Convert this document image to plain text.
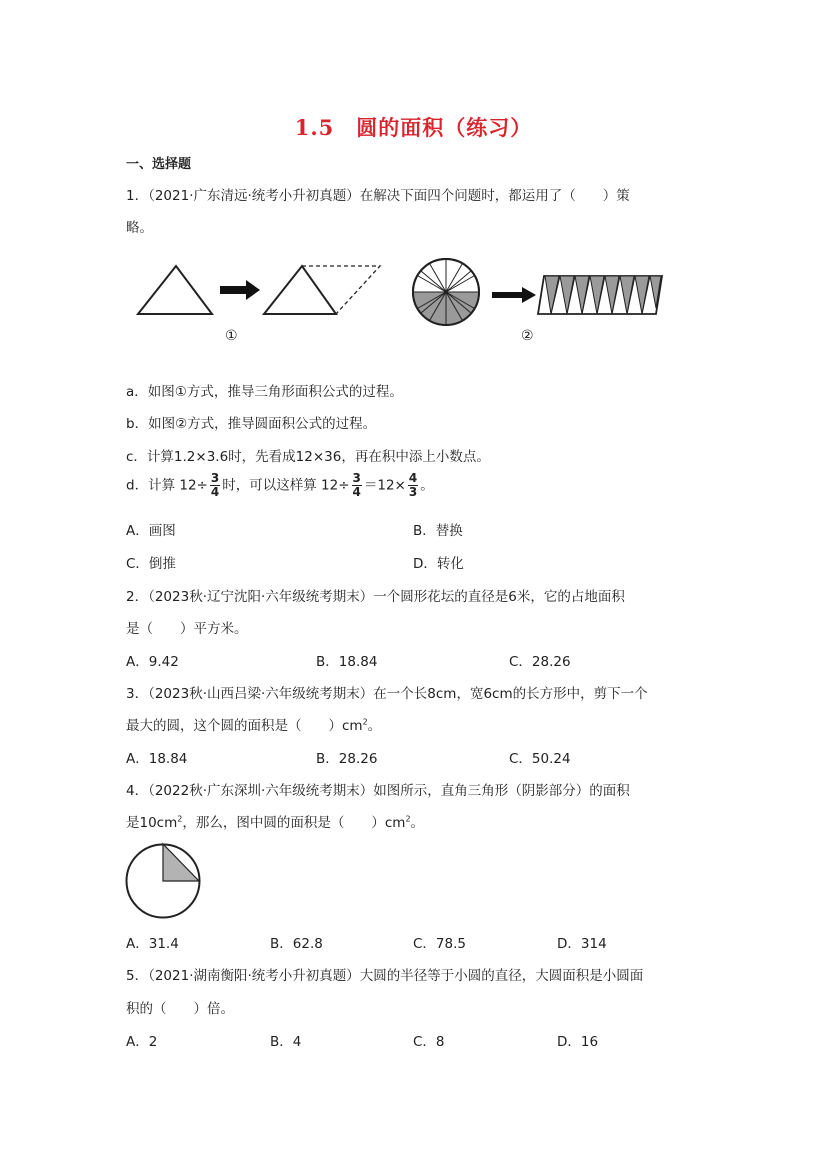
1.5　圆的面积（练习）
一、选择题
1．（2021·广东清远·统考小升初真题）在解决下面四个问题时，都运用了（　　）策
略。
①	②
a．如图①方式，推导三角形面积公式的过程。
b．如图②方式，推导圆面积公式的过程。
c．计算1.2×3.6时，先看成12×36，再在积中添上小数点。
d．计算 $12\div \frac{3}{4}$ 时，可以这样算 $12\div \frac{3}{4} =12\times \frac{4}{3}$ 。
A．画图	B．替换
C．倒推	D．转化
2．（2023秋·辽宁沈阳·六年级统考期末）一个圆形花坛的直径是6米，它的占地面积
是（　　）平方米。
A．9.42	B．18.84	C．28.26
3．（2023秋·山西吕梁·六年级统考期末）在一个长8cm，宽6cm的长方形中，剪下一个
最大的圆，这个圆的面积是（　　）$cm^2$。
A．18.84	B．28.26	C．50.24
4．（2022秋·广东深圳·六年级统考期末）如图所示，直角三角形（阴影部分）的面积
是$10cm^2$，那么，图中圆的面积是（　　）$cm^2$。
A．31.4	B．62.8	C．78.5	D．314
5．（2021·湖南衡阳·统考小升初真题）大圆的半径等于小圆的直径，大圆面积是小圆面
积的（　　）倍。
A．2	B．4	C．8	D．16
